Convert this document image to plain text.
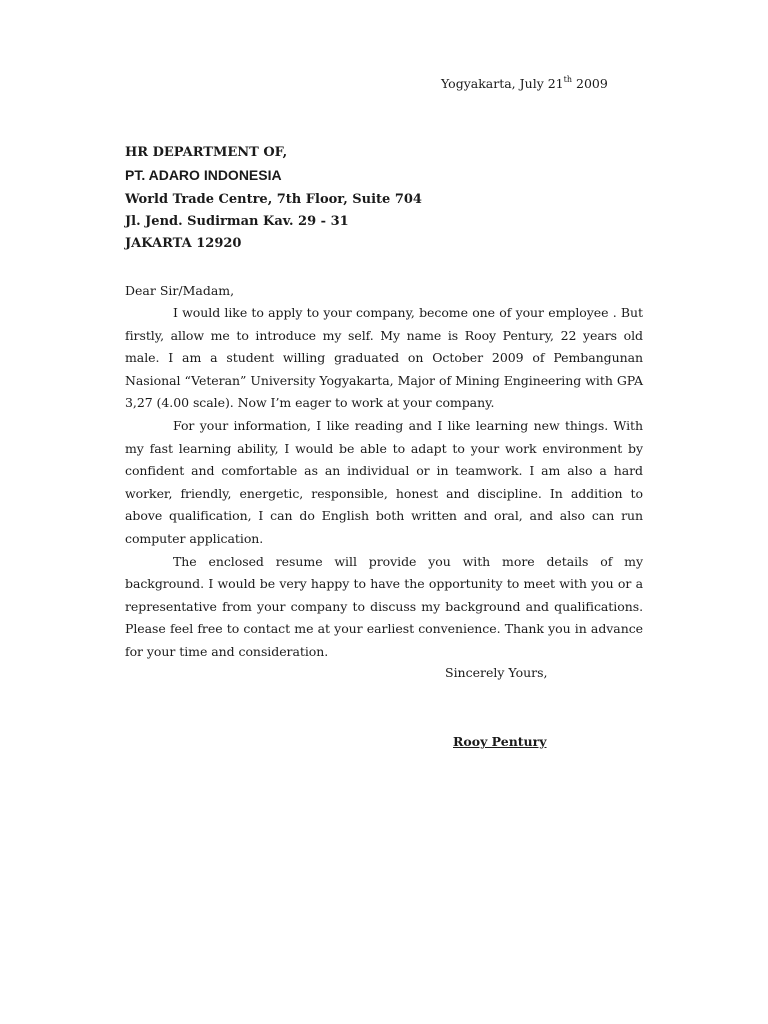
Yogyakarta, July 21th 2009
HR DEPARTMENT OF,
PT. ADARO INDONESIA
World Trade Centre, 7th Floor, Suite 704
Jl. Jend. Sudirman Kav. 29 - 31
JAKARTA 12920
Dear Sir/Madam,

I would like to apply to your company, become one of your employee . But firstly, allow me to introduce my self. My name is Rooy Pentury, 22 years old male. I am a student willing graduated on October 2009 of Pembangunan Nasional “Veteran” University Yogyakarta, Major of Mining Engineering with GPA 3,27 (4.00 scale). Now I’m eager to work at your company.

For your information, I like reading and I like learning new things. With my fast learning ability, I would be able to adapt to your work environment by confident and comfortable as an individual or in teamwork. I am also a hard worker, friendly, energetic, responsible, honest and discipline. In addition to above qualification, I can do English both written and oral, and also can run computer application.

The enclosed resume will provide you with more details of my background. I would be very happy to have the opportunity to meet with you or a representative from your company to discuss my background and qualifications. Please feel free to contact me at your earliest convenience. Thank you in advance for your time and consideration.

Sincerely Yours,
Rooy Pentury
